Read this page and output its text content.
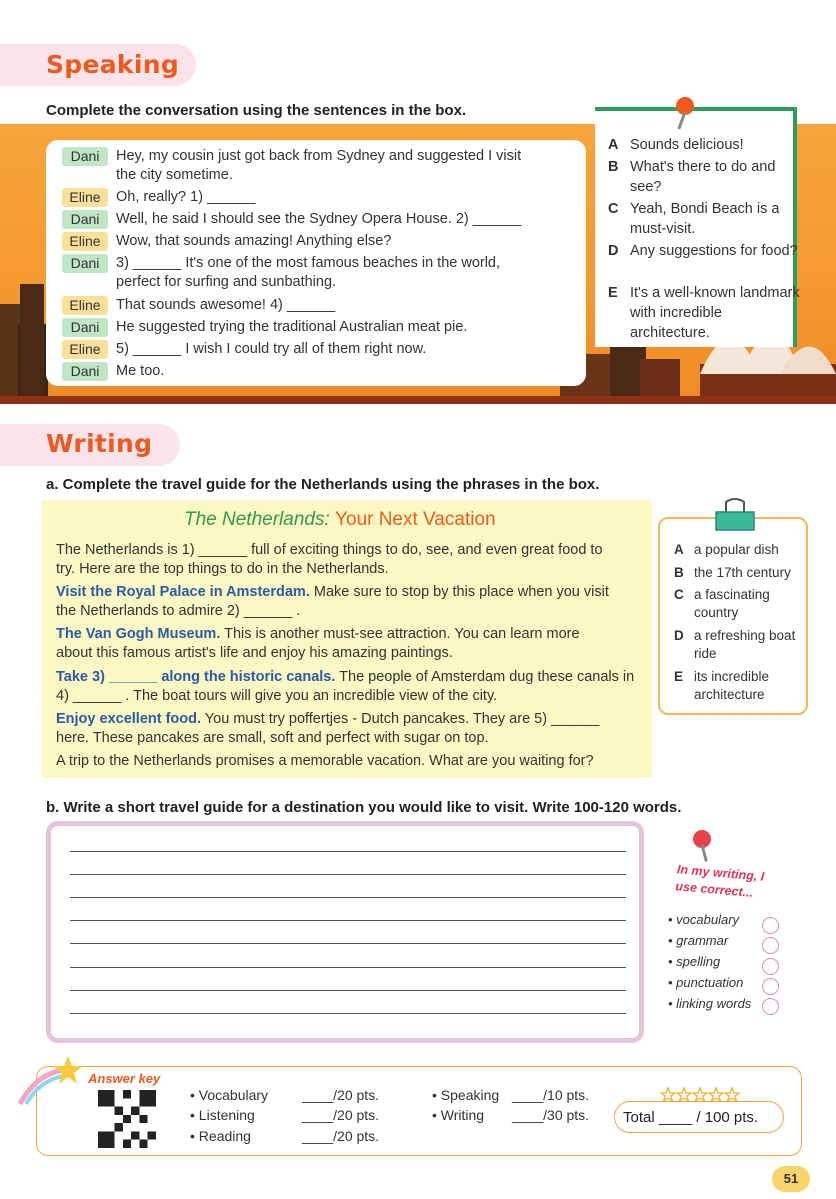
Speaking
Complete the conversation using the sentences in the box.
Dani Hey, my cousin just got back from Sydney and suggested I visit
the city sometime.
Eline Oh, really? 1) ______
Dani Well, he said I should see the Sydney Opera House. 2) ______
Eline Wow, that sounds amazing! Anything else?
Dani 3) ______ It's one of the most famous beaches in the world,
perfect for surfing and sunbathing.
Eline That sounds awesome! 4) ______
Dani He suggested trying the traditional Australian meat pie.
Eline 5) ______ I wish I could try all of them right now.
Dani Me too.
A Sounds delicious!
B What's there to do and see?
C Yeah, Bondi Beach is a must-visit.
D Any suggestions for food?
E It's a well-known landmark with incredible architecture.
Writing
a. Complete the travel guide for the Netherlands using the phrases in the box.
The Netherlands: Your Next Vacation
The Netherlands is 1) ______ full of exciting things to do, see, and even great food to
try. Here are the top things to do in the Netherlands.
Visit the Royal Palace in Amsterdam. Make sure to stop by this place when you visit
the Netherlands to admire 2) ______ .
The Van Gogh Museum. This is another must-see attraction. You can learn more
about this famous artist's life and enjoy his amazing paintings.
Take 3) ______ along the historic canals. The people of Amsterdam dug these canals in
4) ______ . The boat tours will give you an incredible view of the city.
Enjoy excellent food. You must try poffertjes - Dutch pancakes. They are 5) ______
here. These pancakes are small, soft and perfect with sugar on top.
A trip to the Netherlands promises a memorable vacation. What are you waiting for?
A a popular dish
B the 17th century
C a fascinating country
D a refreshing boat ride
E its incredible architecture
b. Write a short travel guide for a destination you would like to visit. Write 100-120 words.
In my writing, I use correct...
• vocabulary
• grammar
• spelling
• punctuation
• linking words
Answer key
• Vocabulary ____/20 pts.
• Listening	____/20 pts.
• Reading	____/20 pts.
• Speaking ____/10 pts.
• Writing ____/30 pts. Total ____ / 100 pts.
51
